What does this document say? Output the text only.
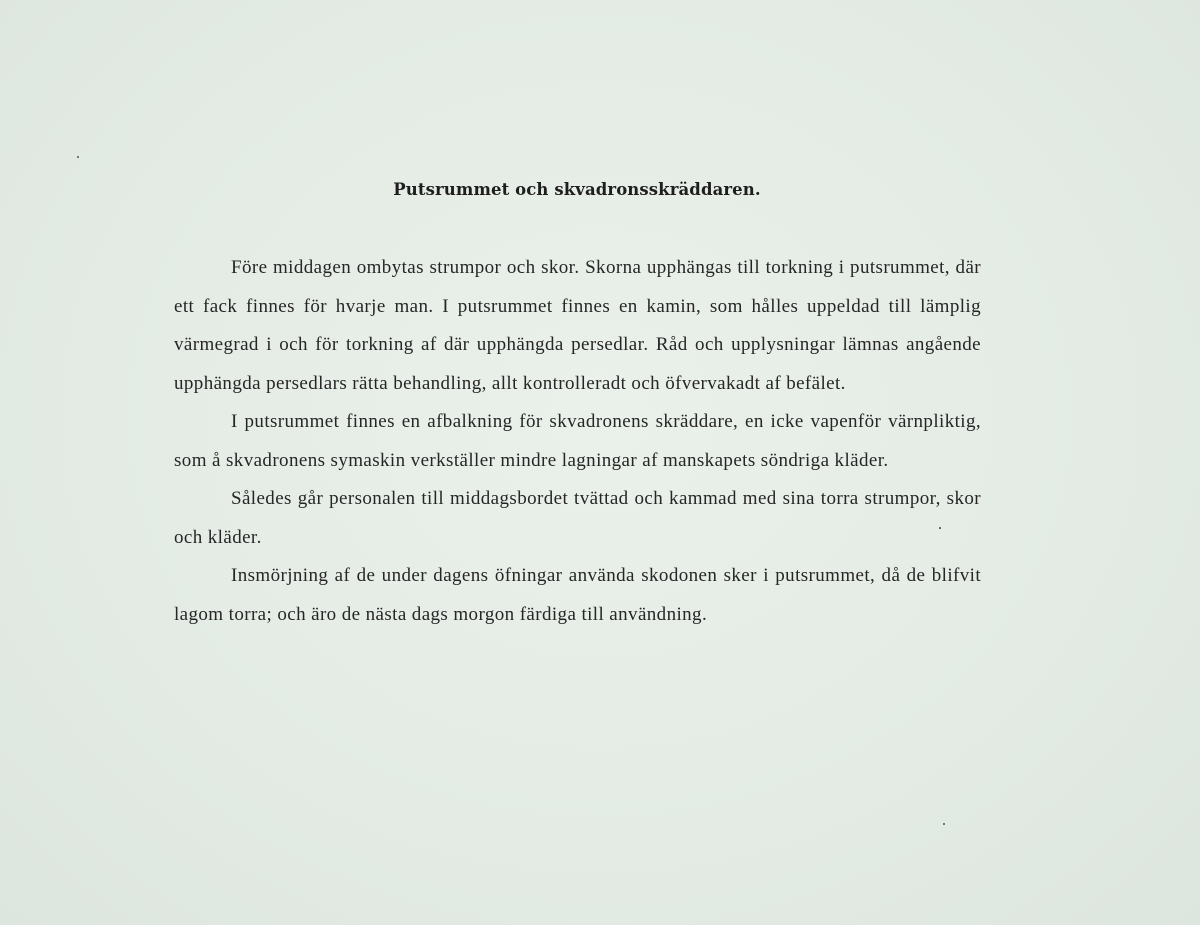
Putsrummet och skvadronsskräddaren.

Före middagen ombytas strumpor och skor. Skorna upphängas till torkning i putsrummet, där ett fack finnes för hvarje man. I putsrummet finnes en kamin, som hålles uppeldad till lämplig värmegrad i och för torkning af där upphängda persedlar. Råd och upplysningar lämnas angående upphängda persedlars rätta behandling, allt kontrolleradt och öfvervakadt af befälet.

I putsrummet finnes en afbalkning för skvadronens skräddare, en icke vapenför värnpliktig, som å skvadronens symaskin verkställer mindre lagningar af manskapets söndriga kläder.

Således går personalen till middagsbordet tvättad och kammad med sina torra strumpor, skor och kläder.

Insmörjning af de under dagens öfningar använda skodonen sker i putsrummet, då de blifvit lagom torra; och äro de nästa dags morgon färdiga till användning.
